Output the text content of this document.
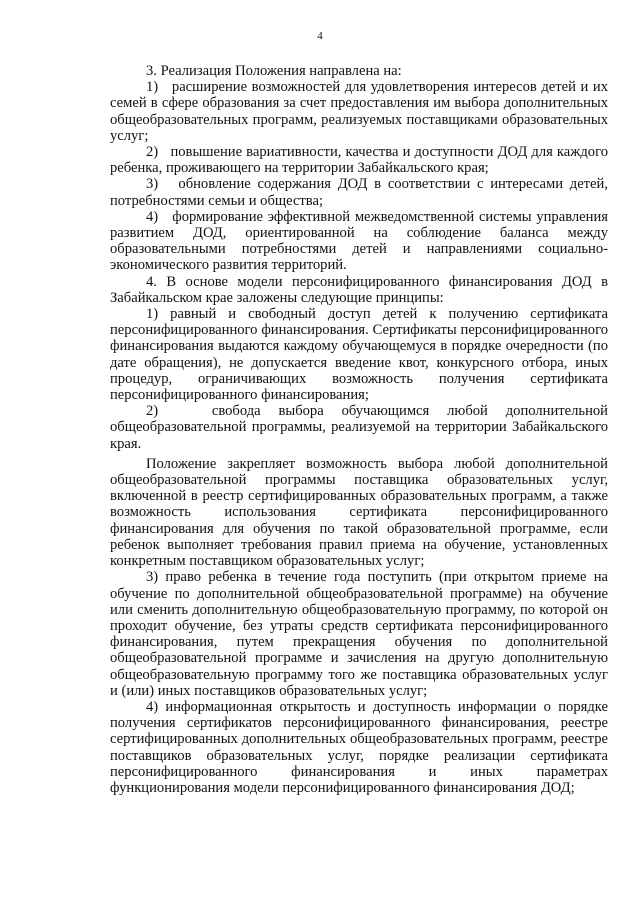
4

3. Реализация Положения направлена на:

1)   расширение возможностей для удовлетворения интересов детей и их семей в сфере образования за счет предоставления им выбора дополнительных общеобразовательных программ, реализуемых поставщиками образовательных услуг;

2)   повышение вариативности, качества и доступности ДОД для каждого ребенка, проживающего на территории Забайкальского края;

3)   обновление содержания ДОД в соответствии с интересами детей, потребностями семьи и общества;

4)   формирование эффективной межведомственной системы управления развитием ДОД, ориентированной на соблюдение баланса между образовательными потребностями детей и направлениями социально-экономического развития территорий.

4. В основе модели персонифицированного финансирования ДОД в Забайкальском крае заложены следующие принципы:

1) равный и свободный доступ детей к получению сертификата персонифицированного финансирования. Сертификаты персонифицированного финансирования выдаются каждому обучающемуся в порядке очередности (по дате обращения), не допускается введение квот, конкурсного отбора, иных процедур, ограничивающих возможность получения сертификата персонифицированного финансирования;

2)   свобода выбора обучающимся любой дополнительной общеобразовательной программы, реализуемой на территории Забайкальского края.

Положение закрепляет возможность выбора любой дополнительной общеобразовательной программы поставщика образовательных услуг, включенной в реестр сертифицированных образовательных программ, а также возможность использования сертификата персонифицированного финансирования для обучения по такой образовательной программе, если ребенок выполняет требования правил приема на обучение, установленных конкретным поставщиком образовательных услуг;

3) право ребенка в течение года поступить (при открытом приеме на обучение по дополнительной общеобразовательной программе) на обучение или сменить дополнительную общеобразовательную программу, по которой он проходит обучение, без утраты средств сертификата персонифицированного финансирования, путем прекращения обучения по дополнительной общеобразовательной программе и зачисления на другую дополнительную общеобразовательную программу того же поставщика образовательных услуг и (или) иных поставщиков образовательных услуг;

4) информационная открытость и доступность информации о порядке получения сертификатов персонифицированного финансирования, реестре сертифицированных дополнительных общеобразовательных программ, реестре поставщиков образовательных услуг, порядке реализации сертификата персонифицированного финансирования и иных параметрах функционирования модели персонифицированного финансирования ДОД;
